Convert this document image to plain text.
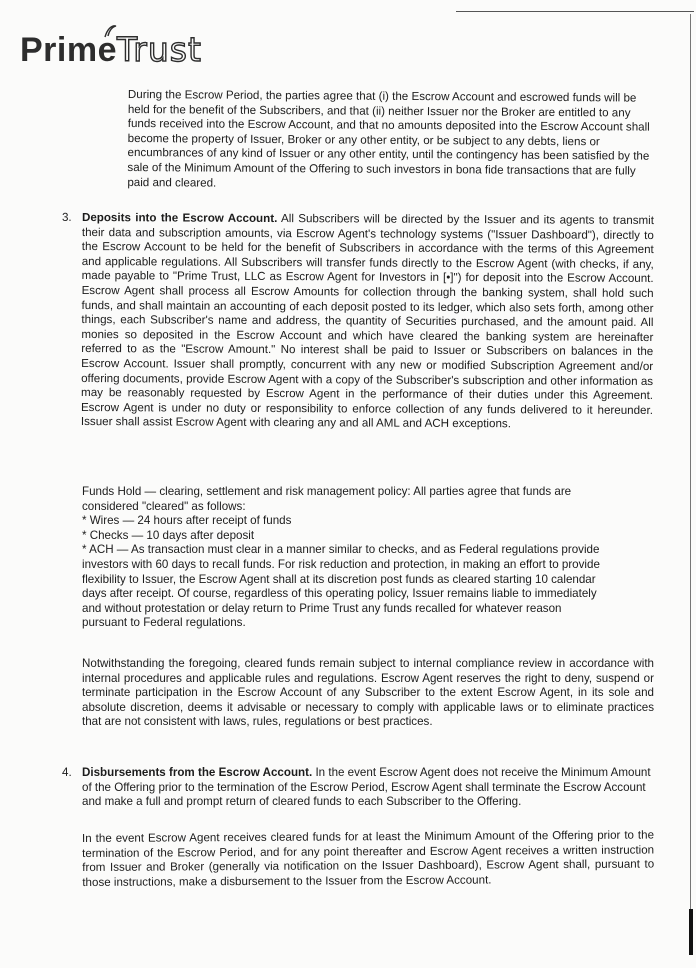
PrimeTrust

During the Escrow Period, the parties agree that (i) the Escrow Account and escrowed funds will be held for the benefit of the Subscribers, and that (ii) neither Issuer nor the Broker are entitled to any funds received into the Escrow Account, and that no amounts deposited into the Escrow Account shall become the property of Issuer, Broker or any other entity, or be subject to any debts, liens or encumbrances of any kind of Issuer or any other entity, until the contingency has been satisfied by the sale of the Minimum Amount of the Offering to such investors in bona fide transactions that are fully paid and cleared.

3. Deposits into the Escrow Account. All Subscribers will be directed by the Issuer and its agents to transmit their data and subscription amounts, via Escrow Agent's technology systems ("Issuer Dashboard"), directly to the Escrow Account to be held for the benefit of Subscribers in accordance with the terms of this Agreement and applicable regulations. All Subscribers will transfer funds directly to the Escrow Agent (with checks, if any, made payable to "Prime Trust, LLC as Escrow Agent for Investors in [•]") for deposit into the Escrow Account. Escrow Agent shall process all Escrow Amounts for collection through the banking system, shall hold such funds, and shall maintain an accounting of each deposit posted to its ledger, which also sets forth, among other things, each Subscriber's name and address, the quantity of Securities purchased, and the amount paid. All monies so deposited in the Escrow Account and which have cleared the banking system are hereinafter referred to as the "Escrow Amount." No interest shall be paid to Issuer or Subscribers on balances in the Escrow Account. Issuer shall promptly, concurrent with any new or modified Subscription Agreement and/or offering documents, provide Escrow Agent with a copy of the Subscriber's subscription and other information as may be reasonably requested by Escrow Agent in the performance of their duties under this Agreement. Escrow Agent is under no duty or responsibility to enforce collection of any funds delivered to it hereunder. Issuer shall assist Escrow Agent with clearing any and all AML and ACH exceptions.
Funds Hold — clearing, settlement and risk management policy: All parties agree that funds are
considered "cleared" as follows:
* Wires — 24 hours after receipt of funds
* Checks — 10 days after deposit
* ACH — As transaction must clear in a manner similar to checks, and as Federal regulations provide
investors with 60 days to recall funds. For risk reduction and protection, in making an effort to provide
flexibility to Issuer, the Escrow Agent shall at its discretion post funds as cleared starting 10 calendar
days after receipt. Of course, regardless of this operating policy, Issuer remains liable to immediately
and without protestation or delay return to Prime Trust any funds recalled for whatever reason
pursuant to Federal regulations.

Notwithstanding the foregoing, cleared funds remain subject to internal compliance review in accordance with internal procedures and applicable rules and regulations. Escrow Agent reserves the right to deny, suspend or terminate participation in the Escrow Account of any Subscriber to the extent Escrow Agent, in its sole and absolute discretion, deems it advisable or necessary to comply with applicable laws or to eliminate practices that are not consistent with laws, rules, regulations or best practices.

4. Disbursements from the Escrow Account. In the event Escrow Agent does not receive the Minimum Amount of the Offering prior to the termination of the Escrow Period, Escrow Agent shall terminate the Escrow Account and make a full and prompt return of cleared funds to each Subscriber to the Offering.

In the event Escrow Agent receives cleared funds for at least the Minimum Amount of the Offering prior to the termination of the Escrow Period, and for any point thereafter and Escrow Agent receives a written instruction from Issuer and Broker (generally via notification on the Issuer Dashboard), Escrow Agent shall, pursuant to those instructions, make a disbursement to the Issuer from the Escrow Account.
